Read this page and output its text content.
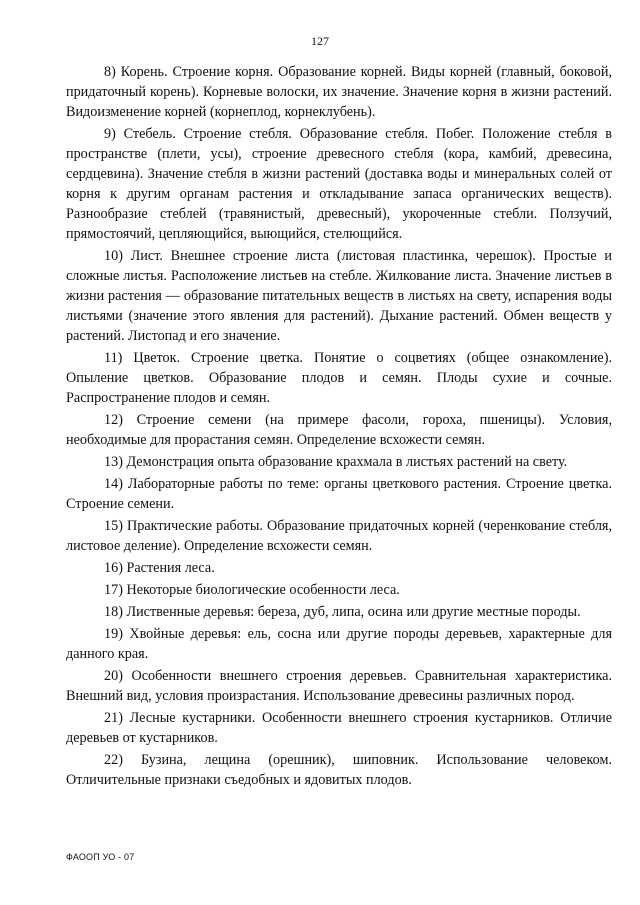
127

8) Корень. Строение корня. Образование корней. Виды корней (главный, боковой, придаточный корень). Корневые волоски, их значение. Значение корня в жизни растений. Видоизменение корней (корнеплод, корнеклубень).

9) Стебель. Строение стебля. Образование стебля. Побег. Положение стебля в пространстве (плети, усы), строение древесного стебля (кора, камбий, древесина, сердцевина). Значение стебля в жизни растений (доставка воды и минеральных солей от корня к другим органам растения и откладывание запаса органических веществ). Разнообразие стеблей (травянистый, древесный), укороченные стебли. Ползучий, прямостоячий, цепляющийся, выющийся, стелющийся.

10) Лист. Внешнее строение листа (листовая пластинка, черешок). Простые и сложные листья. Расположение листьев на стебле. Жилкование листа. Значение листьев в жизни растения — образование питательных веществ в листьях на свету, испарения воды листьями (значение этого явления для растений). Дыхание растений. Обмен веществ у растений. Листопад и его значение.

11) Цветок. Строение цветка. Понятие о соцветиях (общее ознакомление). Опыление цветков. Образование плодов и семян. Плоды сухие и сочные. Распространение плодов и семян.

12) Строение семени (на примере фасоли, гороха, пшеницы). Условия, необходимые для прорастания семян. Определение всхожести семян.

13) Демонстрация опыта образование крахмала в листьях растений на свету.

14) Лабораторные работы по теме: органы цветкового растения. Строение цветка. Строение семени.

15) Практические работы. Образование придаточных корней (черенкование стебля, листовое деление). Определение всхожести семян.

16) Растения леса.

17) Некоторые биологические особенности леса.

18) Лиственные деревья: береза, дуб, липа, осина или другие местные породы.

19) Хвойные деревья: ель, сосна или другие породы деревьев, характерные для данного края.

20) Особенности внешнего строения деревьев. Сравнительная характеристика. Внешний вид, условия произрастания. Использование древесины различных пород.

21) Лесные кустарники. Особенности внешнего строения кустарников. Отличие деревьев от кустарников.

22) Бузина, лещина (орешник), шиповник. Использование человеком. Отличительные признаки съедобных и ядовитых плодов.

ФАООП УО - 07
